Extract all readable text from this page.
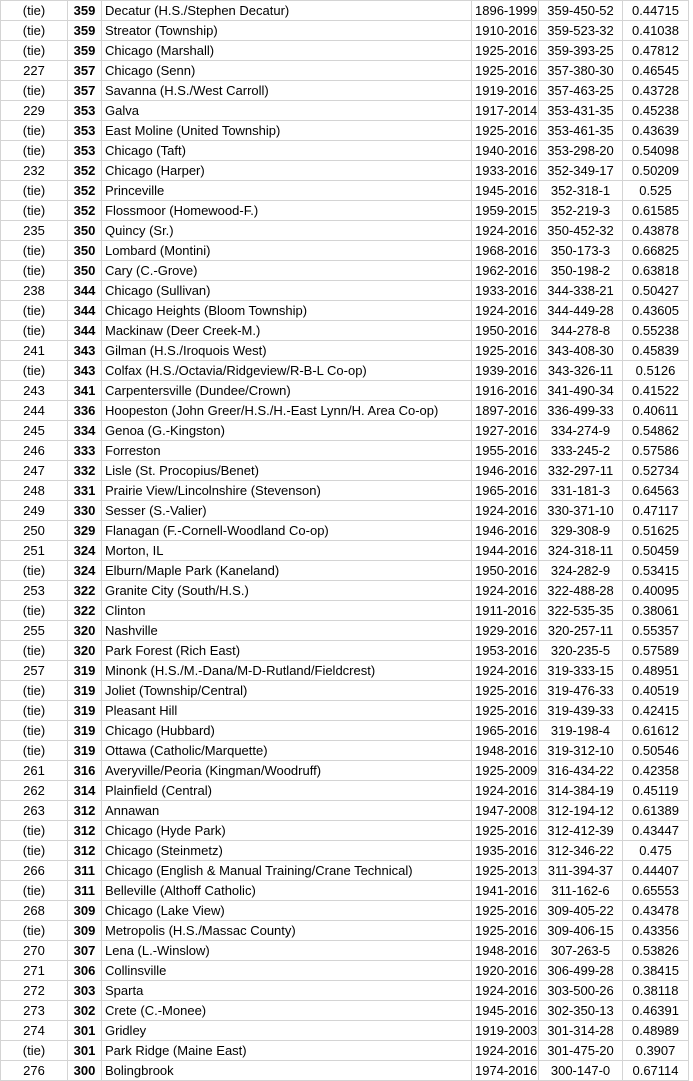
(tie)	359	Decatur (H.S./Stephen Decatur)	1896-1999	359-450-52	0.44715
(tie)	359	Streator (Township)	1910-2016	359-523-32	0.41038
(tie)	359	Chicago (Marshall)	1925-2016	359-393-25	0.47812
227	357	Chicago (Senn)	1925-2016	357-380-30	0.46545
(tie)	357	Savanna (H.S./West Carroll)	1919-2016	357-463-25	0.43728
229	353	Galva	1917-2014	353-431-35	0.45238
(tie)	353	East Moline (United Township)	1925-2016	353-461-35	0.43639
(tie)	353	Chicago (Taft)	1940-2016	353-298-20	0.54098
232	352	Chicago (Harper)	1933-2016	352-349-17	0.50209
(tie)	352	Princeville	1945-2016	352-318-1	0.525
(tie)	352	Flossmoor (Homewood-F.)	1959-2015	352-219-3	0.61585
235	350	Quincy (Sr.)	1924-2016	350-452-32	0.43878
(tie)	350	Lombard (Montini)	1968-2016	350-173-3	0.66825
(tie)	350	Cary (C.-Grove)	1962-2016	350-198-2	0.63818
238	344	Chicago (Sullivan)	1933-2016	344-338-21	0.50427
(tie)	344	Chicago Heights (Bloom Township)	1924-2016	344-449-28	0.43605
(tie)	344	Mackinaw (Deer Creek-M.)	1950-2016	344-278-8	0.55238
241	343	Gilman (H.S./Iroquois West)	1925-2016	343-408-30	0.45839
(tie)	343	Colfax (H.S./Octavia/Ridgeview/R-B-L Co-op)	1939-2016	343-326-11	0.5126
243	341	Carpentersville (Dundee/Crown)	1916-2016	341-490-34	0.41522
244	336	Hoopeston (John Greer/H.S./H.-East Lynn/H. Area Co-op)	1897-2016	336-499-33	0.40611
245	334	Genoa (G.-Kingston)	1927-2016	334-274-9	0.54862
246	333	Forreston	1955-2016	333-245-2	0.57586
247	332	Lisle (St. Procopius/Benet)	1946-2016	332-297-11	0.52734
248	331	Prairie View/Lincolnshire (Stevenson)	1965-2016	331-181-3	0.64563
249	330	Sesser (S.-Valier)	1924-2016	330-371-10	0.47117
250	329	Flanagan (F.-Cornell-Woodland Co-op)	1946-2016	329-308-9	0.51625
251	324	Morton, IL	1944-2016	324-318-11	0.50459
(tie)	324	Elburn/Maple Park (Kaneland)	1950-2016	324-282-9	0.53415
253	322	Granite City (South/H.S.)	1924-2016	322-488-28	0.40095
(tie)	322	Clinton	1911-2016	322-535-35	0.38061
255	320	Nashville	1929-2016	320-257-11	0.55357
(tie)	320	Park Forest (Rich East)	1953-2016	320-235-5	0.57589
257	319	Minonk (H.S./M.-Dana/M-D-Rutland/Fieldcrest)	1924-2016	319-333-15	0.48951
(tie)	319	Joliet (Township/Central)	1925-2016	319-476-33	0.40519
(tie)	319	Pleasant Hill	1925-2016	319-439-33	0.42415
(tie)	319	Chicago (Hubbard)	1965-2016	319-198-4	0.61612
(tie)	319	Ottawa (Catholic/Marquette)	1948-2016	319-312-10	0.50546
261	316	Averyville/Peoria (Kingman/Woodruff)	1925-2009	316-434-22	0.42358
262	314	Plainfield (Central)	1924-2016	314-384-19	0.45119
263	312	Annawan	1947-2008	312-194-12	0.61389
(tie)	312	Chicago (Hyde Park)	1925-2016	312-412-39	0.43447
(tie)	312	Chicago (Steinmetz)	1935-2016	312-346-22	0.475
266	311	Chicago (English & Manual Training/Crane Technical)	1925-2013	311-394-37	0.44407
(tie)	311	Belleville (Althoff Catholic)	1941-2016	311-162-6	0.65553
268	309	Chicago (Lake View)	1925-2016	309-405-22	0.43478
(tie)	309	Metropolis (H.S./Massac County)	1925-2016	309-406-15	0.43356
270	307	Lena (L.-Winslow)	1948-2016	307-263-5	0.53826
271	306	Collinsville	1920-2016	306-499-28	0.38415
272	303	Sparta	1924-2016	303-500-26	0.38118
273	302	Crete (C.-Monee)	1945-2016	302-350-13	0.46391
274	301	Gridley	1919-2003	301-314-28	0.48989
(tie)	301	Park Ridge (Maine East)	1924-2016	301-475-20	0.3907
276	300	Bolingbrook	1974-2016	300-147-0	0.67114
